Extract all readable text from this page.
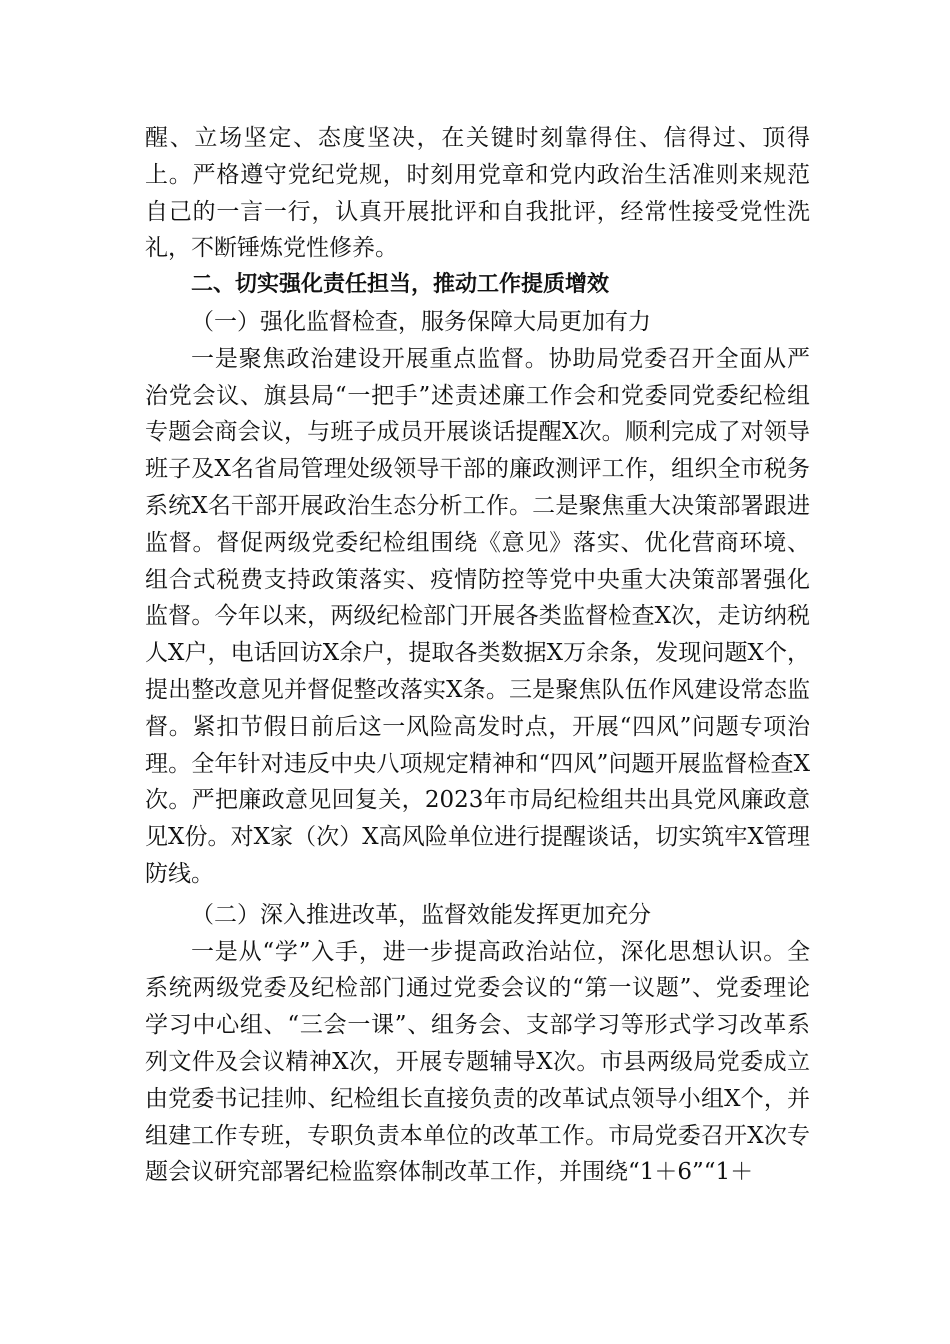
醒、立场坚定、态度坚决，在关键时刻靠得住、信得过、顶得上。严格遵守党纪党规，时刻用党章和党内政治生活准则来规范自己的一言一行，认真开展批评和自我批评，经常性接受党性洗礼，不断锤炼党性修养。

二、切实强化责任担当，推动工作提质增效

（一）强化监督检查，服务保障大局更加有力

一是聚焦政治建设开展重点监督。协助局党委召开全面从严治党会议、旗县局“一把手”述责述廉工作会和党委同党委纪检组专题会商会议，与班子成员开展谈话提醒X次。顺利完成了对领导班子及X名省局管理处级领导干部的廉政测评工作，组织全市税务系统X名干部开展政治生态分析工作。二是聚焦重大决策部署跟进监督。督促两级党委纪检组围绕《意见》落实、优化营商环境、组合式税费支持政策落实、疫情防控等党中央重大决策部署强化监督。今年以来，两级纪检部门开展各类监督检查X次，走访纳税人X户，电话回访X余户，提取各类数据X万余条，发现问题X个，提出整改意见并督促整改落实X条。三是聚焦队伍作风建设常态监督。紧扣节假日前后这一风险高发时点，开展“四风”问题专项治理。全年针对违反中央八项规定精神和“四风”问题开展监督检查X次。严把廉政意见回复关，2023年市局纪检组共出具党风廉政意见X份。对X家（次）X高风险单位进行提醒谈话，切实筑牢X管理防线。

（二）深入推进改革，监督效能发挥更加充分

一是从“学”入手，进一步提高政治站位，深化思想认识。全系统两级党委及纪检部门通过党委会议的“第一议题”、党委理论学习中心组、“三会一课”、组务会、支部学习等形式学习改革系列文件及会议精神X次，开展专题辅导X次。市县两级局党委成立由党委书记挂帅、纪检组长直接负责的改革试点领导小组X个，并组建工作专班，专职负责本单位的改革工作。市局党委召开X次专题会议研究部署纪检监察体制改革工作，并围绕“1＋6”“1＋
